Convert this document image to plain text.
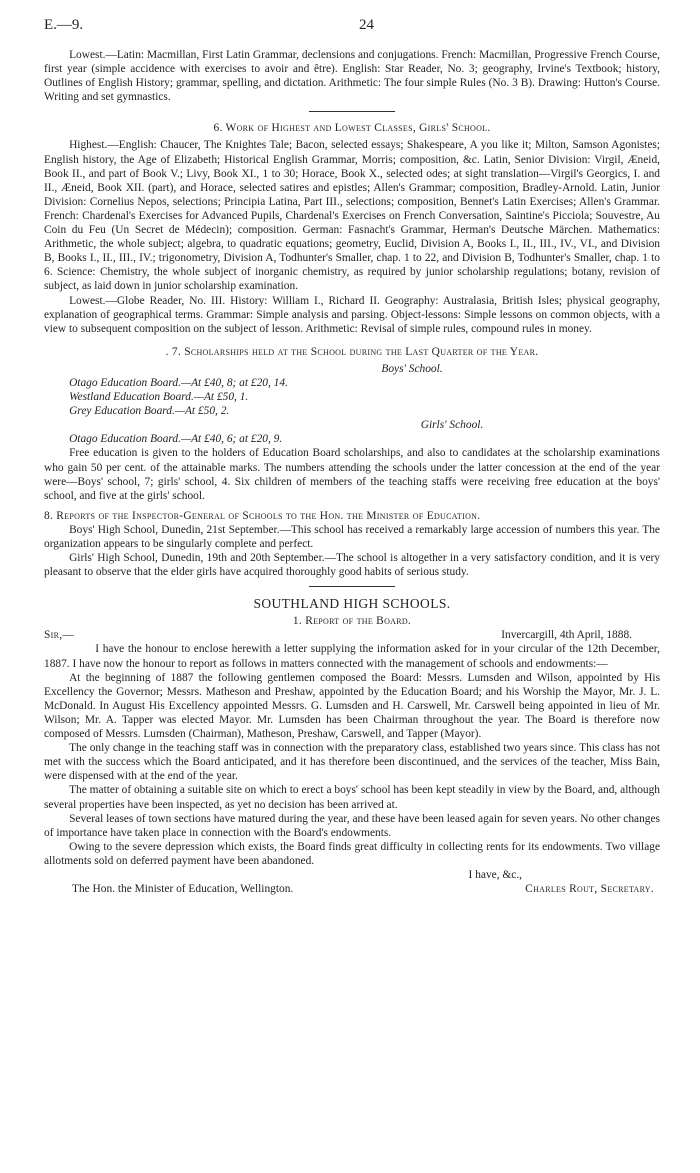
E.—9.	24

Lowest.—Latin: Macmillan, First Latin Grammar, declensions and conjugations. French: Macmillan, Progressive French Course, first year (simple accidence with exercises to avoir and être). English: Star Reader, No. 3; geography, Irvine's Textbook; history, Outlines of English History; grammar, spelling, and dictation. Arithmetic: The four simple Rules (No. 3 B). Drawing: Hutton's Course. Writing and set gymnastics.

6. Work of Highest and Lowest Classes, Girls' School.

Highest.—English: Chaucer, The Knightes Tale; Bacon, selected essays; Shakespeare, A you like it; Milton, Samson Agonistes; English history, the Age of Elizabeth; Historical English Grammar, Morris; composition, &c. Latin, Senior Division: Virgil, Æneid, Book II., and part of Book V.; Livy, Book XI., 1 to 30; Horace, Book X., selected odes; at sight translation—Virgil's Georgics, I. and II., Æneid, Book XII. (part), and Horace, selected satires and epistles; Allen's Grammar; composition, Bradley-Arnold. Latin, Junior Division: Cornelius Nepos, selections; Principia Latina, Part III., selections; composition, Bennet's Latin Exercises; Allen's Grammar. French: Chardenal's Exercises for Advanced Pupils, Chardenal's Exercises on French Conversation, Saintine's Picciola; Souvestre, Au Coin du Feu (Un Secret de Médecin); composition. German: Fasnacht's Grammar, Herman's Deutsche Märchen. Mathematics: Arithmetic, the whole subject; algebra, to quadratic equations; geometry, Euclid, Division A, Books I., II., III., IV., VI., and Division B, Books I., II., III., IV.; trigonometry, Division A, Todhunter's Smaller, chap. 1 to 22, and Division B, Todhunter's Smaller, chap. 1 to 6. Science: Chemistry, the whole subject of inorganic chemistry, as required by junior scholarship regulations; botany, revision of subject, as laid down in junior scholarship examination.

Lowest.—Globe Reader, No. III. History: William I., Richard II. Geography: Australasia, British Isles; physical geography, explanation of geographical terms. Grammar: Simple analysis and parsing. Object-lessons: Simple lessons on common objects, with a view to subsequent composition on the subject of lesson. Arithmetic: Revisal of simple rules, compound rules in money.

. 7. Scholarships held at the School during the Last Quarter of the Year.

Boys' School.

Otago Education Board.—At £40, 8; at £20, 14.

Westland Education Board.—At £50, 1.

Grey Education Board.—At £50, 2.

Girls' School.

Otago Education Board.—At £40, 6; at £20, 9.

Free education is given to the holders of Education Board scholarships, and also to candidates at the scholarship examinations who gain 50 per cent. of the attainable marks. The numbers attending the schools under the latter concession at the end of the year were—Boys' school, 7; girls' school, 4. Six children of members of the teaching staffs were receiving free education at the boys' school, and five at the girls' school.

8. Reports of the Inspector-General of Schools to the Hon. the Minister of Education.

Boys' High School, Dunedin, 21st September.—This school has received a remarkably large accession of numbers this year. The organization appears to be singularly complete and perfect.

Girls' High School, Dunedin, 19th and 20th September.—The school is altogether in a very satisfactory condition, and it is very pleasant to observe that the elder girls have acquired thoroughly good habits of serious study.

SOUTHLAND HIGH SCHOOLS.

1. Report of the Board.

Sir,—	Invercargill, 4th April, 1888.

I have the honour to enclose herewith a letter supplying the information asked for in your circular of the 12th December, 1887. I have now the honour to report as follows in matters connected with the management of schools and endowments:—

At the beginning of 1887 the following gentlemen composed the Board: Messrs. Lumsden and Wilson, appointed by His Excellency the Governor; Messrs. Matheson and Preshaw, appointed by the Education Board; and his Worship the Mayor, Mr. J. L. McDonald. In August His Excellency appointed Messrs. G. Lumsden and H. Carswell, Mr. Carswell being appointed in lieu of Mr. Wilson; Mr. A. Tapper was elected Mayor. Mr. Lumsden has been Chairman throughout the year. The Board is therefore now composed of Messrs. Lumsden (Chairman), Matheson, Preshaw, Carswell, and Tapper (Mayor).

The only change in the teaching staff was in connection with the preparatory class, established two years since. This class has not met with the success which the Board anticipated, and it has therefore been discontinued, and the services of the teacher, Miss Bain, were dispensed with at the end of the year.

The matter of obtaining a suitable site on which to erect a boys' school has been kept steadily in view by the Board, and, although several properties have been inspected, as yet no decision has been arrived at.

Several leases of town sections have matured during the year, and these have been leased again for seven years. No other changes of importance have taken place in connection with the Board's endowments.

Owing to the severe depression which exists, the Board finds great difficulty in collecting rents for its endowments. Two village allotments sold on deferred payment have been abandoned.

I have, &c.,

The Hon. the Minister of Education, Wellington.	Charles Rout, Secretary.
